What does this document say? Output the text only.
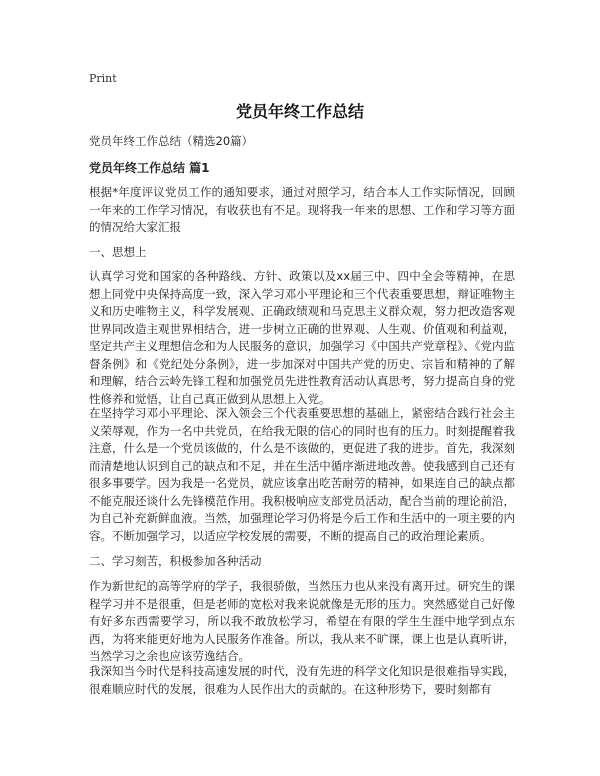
Print
党员年终工作总结

党员年终工作总结（精选20篇）

党员年终工作总结 篇1

根据*年度评议党员工作的通知要求，通过对照学习，结合本人工作实际情况，回顾一年来的工作学习情况，有收获也有不足。现将我一年来的思想、工作和学习等方面的情况给大家汇报

一、思想上

认真学习党和国家的各种路线、方针、政策以及xx届三中、四中全会等精神，在思想上同党中央保持高度一致，深入学习邓小平理论和三个代表重要思想，辩证唯物主义和历史唯物主义，科学发展观、正确政绩观和马克思主义群众观，努力把改造客观世界同改造主观世界相结合，进一步树立正确的世界观、人生观、价值观和利益观，坚定共产主义理想信念和为人民服务的意识，加强学习《中国共产党章程》、《党内监督条例》和《党纪处分条例》，进一步加深对中国共产党的历史、宗旨和精神的了解和理解，结合云岭先锋工程和加强党员先进性教育活动认真思考，努力提高自身的党性修养和觉悟，让自己真正做到从思想上入党。

在坚持学习邓小平理论、深入领会三个代表重要思想的基础上，紧密结合践行社会主义荣辱观，作为一名中共党员，在给我无限的信心的同时也有的压力。时刻提醒着我注意，什么是一个党员该做的，什么是不该做的，更促进了我的进步。首先，我深刻而清楚地认识到自己的缺点和不足，并在生活中循序渐进地改善。使我感到自己还有很多事要学。因为我是一名党员，就应该拿出吃苦耐劳的精神，如果连自己的缺点都不能克服还谈什么先锋模范作用。我积极响应支部党员活动，配合当前的理论前沿，为自己补充新鲜血液。当然，加强理论学习仍将是今后工作和生活中的一项主要的内容。不断加强学习，以适应学校发展的需要，不断的提高自己的政治理论素质。

二、学习刻苦，积极参加各种活动

作为新世纪的高等学府的学子，我很骄傲，当然压力也从来没有离开过。研究生的课程学习并不是很重，但是老师的宽松对我来说就像是无形的压力。突然感觉自己好像有好多东西需要学习，所以我不敢放松学习，希望在有限的学生生涯中地学到点东西，为将来能更好地为人民服务作准备。所以，我从来不旷课，课上也是认真听讲，当然学习之余也应该劳逸结合。

我深知当今时代是科技高速发展的时代，没有先进的科学文化知识是很难指导实践，很难顺应时代的发展，很难为人民作出大的贡献的。在这种形势下，要时刻都有
